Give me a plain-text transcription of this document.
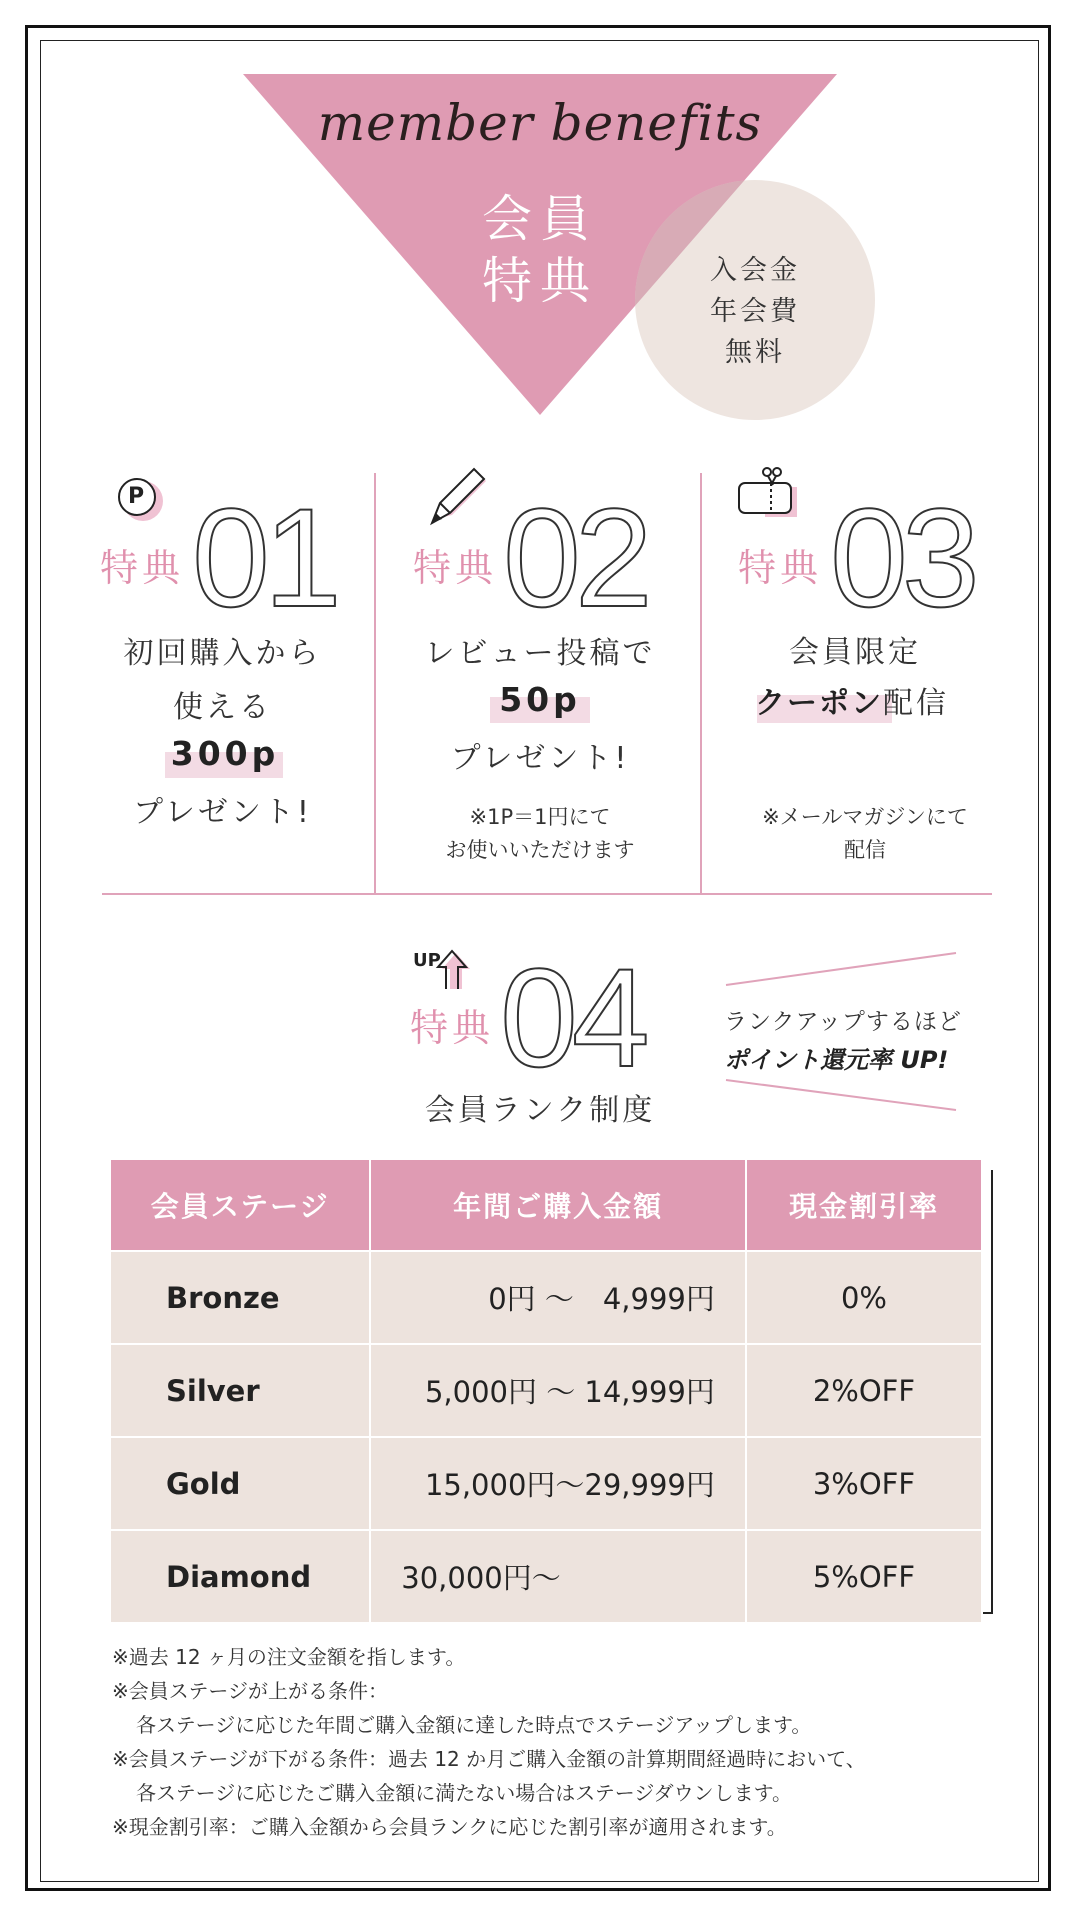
member benefits
会員
特典	入会金
年会費
無料
P
特典 01
初回購入から
使える
300p
プレゼント!
特典 02
レビュー投稿で
50p
プレゼント!
※1P＝1円にて
お使いいただけます
特典 03
会員限定
クーポン配信
※メールマガジンにて
配信
UP
特典 04
会員ランク制度
ランクアップするほど
ポイント還元率 UP!
会員ステージ	年間ご購入金額	現金割引率
Bronze	0円 ～　4,999円	0%
Silver	5,000円 ～ 14,999円	2%OFF
Gold	15,000円～29,999円	3%OFF
Diamond	30,000円～	5%OFF
※過去 12 ヶ月の注文金額を指します。
※会員ステージが上がる条件：
各ステージに応じた年間ご購入金額に達した時点でステージアップします。
※会員ステージが下がる条件：過去 12 か月ご購入金額の計算期間経過時において、
各ステージに応じたご購入金額に満たない場合はステージダウンします。
※現金割引率：ご購入金額から会員ランクに応じた割引率が適用されます。
